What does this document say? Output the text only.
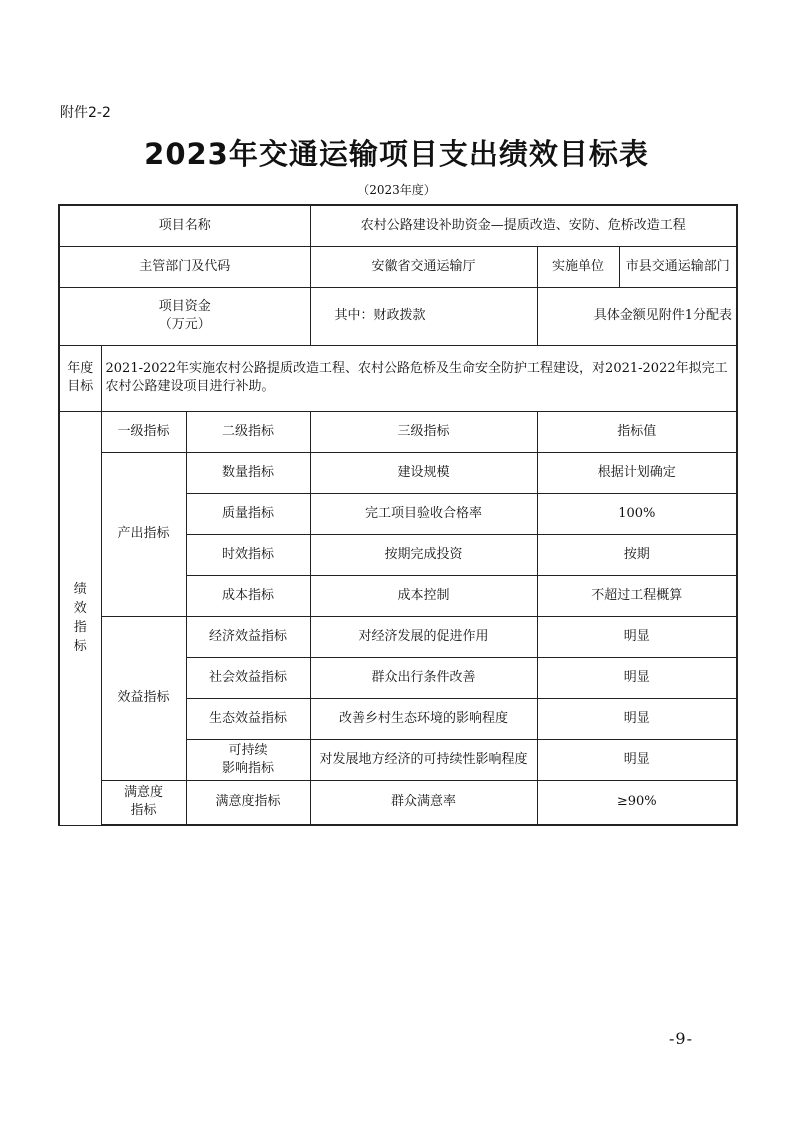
附件2-2
2023年交通运输项目支出绩效目标表
（2023年度）
项目名称			农村公路建设补助资金—提质改造、安防、危桥改造工程		
主管部门及代码			安徽省交通运输厅	实施单位	市县交通运输部门

项目资金
（万元）			其中：财政拨款	具体金额见附件1分配表	

年度
目标	2021-2022年实施农村公路提质改造工程、农村公路危桥及生命安全防护工程建设，对2021-2022年拟完工农村公路建设项目进行补助。				
绩
效
指
标	一级指标	二级指标	三级指标	指标值	
	产出指标	数量指标	建设规模	根据计划确定	
		质量指标	完工项目验收合格率	100%	
		时效指标	按期完成投资	按期	
		成本指标	成本控制	不超过工程概算	
	效益指标	经济效益指标	对经济发展的促进作用	明显	
		社会效益指标	群众出行条件改善	明显	
		生态效益指标	改善乡村生态环境的影响程度	明显	

		可持续
影响指标	对发展地方经济的可持续性影响程度	明显	

	满意度
指标	满意度指标	群众满意率	≥90%	
-9-
